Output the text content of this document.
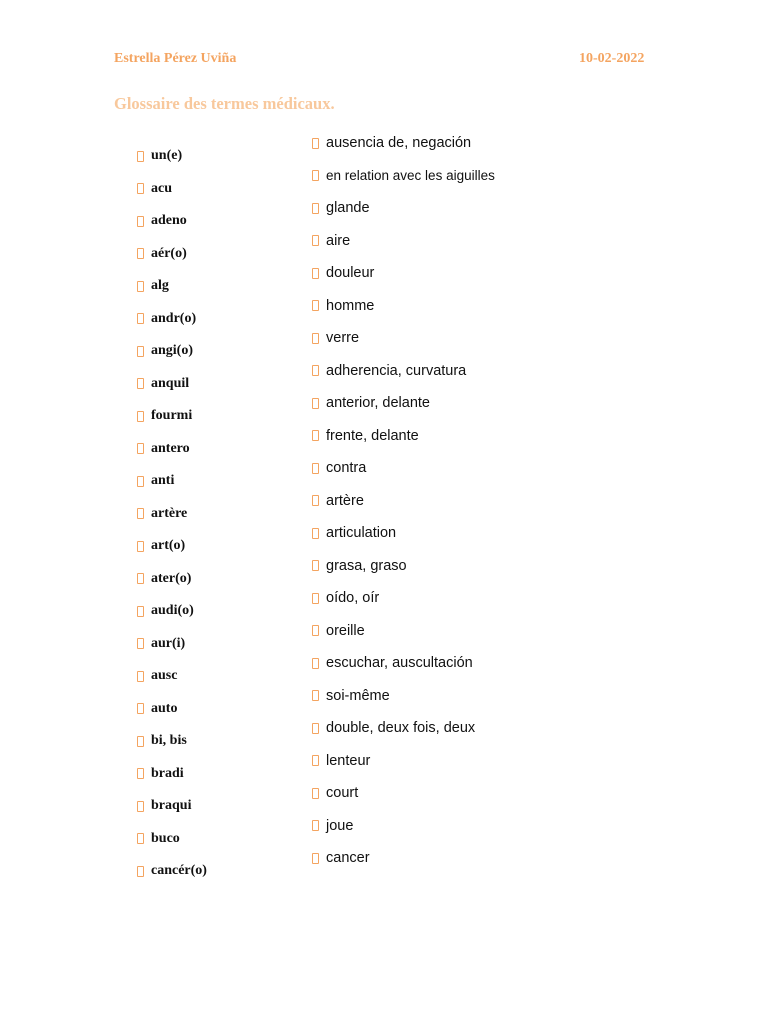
Estrella Pérez Uviña	10-02-2022
Glossaire des termes médicaux.
un(e)
acu
adeno
aér(o)
alg
andr(o)
angi(o)
anquil
fourmi
antero
anti
artère
art(o)
ater(o)
audi(o)
aur(i)
ausc
auto
bi, bis
bradi
braqui
buco
cancér(o)
ausencia de, negación
en relation avec les aiguilles
glande
aire
douleur
homme
verre
adherencia, curvatura
anterior, delante
frente, delante
contra
artère
articulation
grasa, graso
oído, oír
oreille
escuchar, auscultación
soi-même
double, deux fois, deux
lenteur
court
joue
cancer
